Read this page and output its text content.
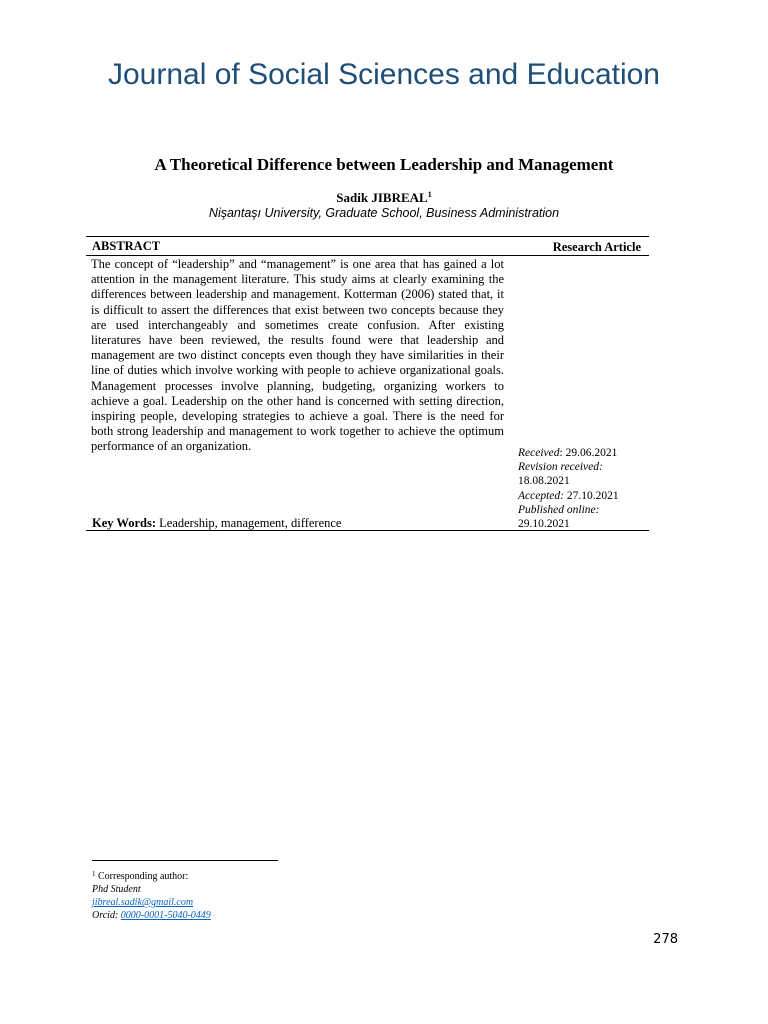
Journal of Social Sciences and Education
A Theoretical Difference between Leadership and Management
Sadik JIBREAL$^1$
Nişantaşı University, Graduate School, Business Administration
ABSTRACT	Research Article

The concept of “leadership” and “management” is one area that has gained a lot attention in the management literature. This study aims at clearly examining the differences between leadership and management. Kotterman (2006) stated that, it is difficult to assert the differences that exist between two concepts because they are used interchangeably and sometimes create confusion. After existing literatures have been reviewed, the results found were that leadership and management are two distinct concepts even though they have similarities in their line of duties which involve working with people to achieve organizational goals. Management processes involve planning, budgeting, organizing workers to achieve a goal. Leadership on the other hand is concerned with setting direction, inspiring people, developing strategies to achieve a goal. There is the need for both strong leadership and management to work together to achieve the optimum performance of an organization.

Key Words: Leadership, management, difference
Received: 29.06.2021
Revision received:
18.08.2021
Accepted: 27.10.2021
Published online:
29.10.2021
$^1$ Corresponding author:
Phd Student
jibreal.sadik@gmail.com
Orcid: 0000-0001-5040-0449
278
